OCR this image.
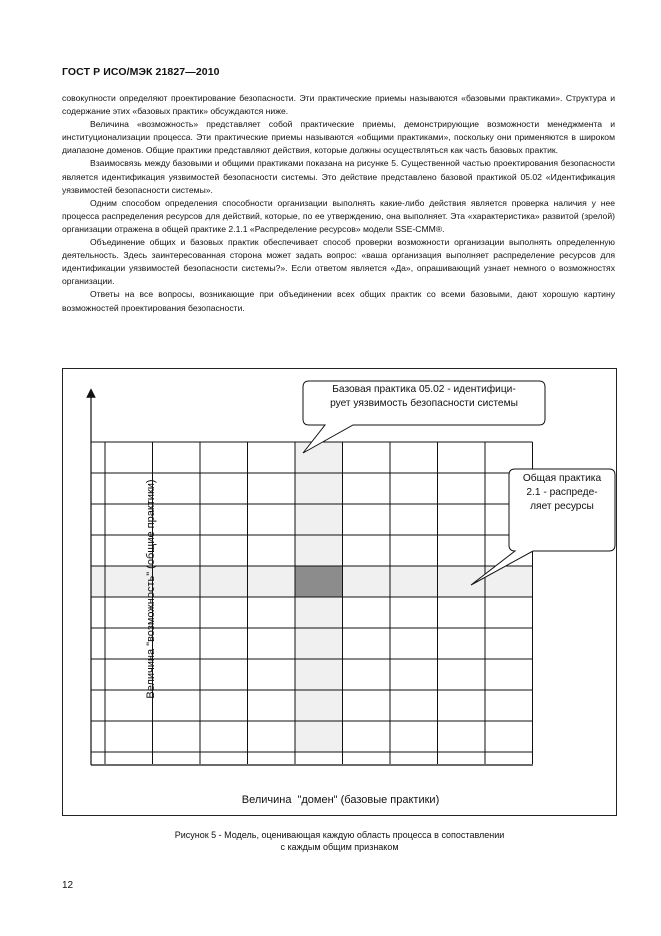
ГОСТ Р ИСО/МЭК 21827—2010

совокупности определяют проектирование безопасности. Эти практические приемы называются «базовыми практиками». Структура и содержание этих «базовых практик» обсуждаются ниже.

Величина «возможность» представляет собой практические приемы, демонстрирующие возможности менеджмента и институционализации процесса. Эти практические приемы называются «общими практиками», поскольку они применяются в широком диапазоне доменов. Общие практики представляют действия, которые должны осуществляться как часть базовых практик.

Взаимосвязь между базовыми и общими практиками показана на рисунке 5. Существенной частью проектирования безопасности является идентификация уязвимостей безопасности системы. Это действие представлено базовой практикой 05.02 «Идентификация уязвимостей безопасности системы».

Одним способом определения способности организации выполнять какие-либо действия является проверка наличия у нее процесса распределения ресурсов для действий, которые, по ее утверждению, она выполняет. Эта «характеристика» развитой (зрелой) организации отражена в общей практике 2.1.1 «Распределение ресурсов» модели SSE-CMM®.

Объединение общих и базовых практик обеспечивает способ проверки возможности организации выполнять определенную деятельность. Здесь заинтересованная сторона может задать вопрос: «ваша организация выполняет распределение ресурсов для идентификации уязвимостей безопасности системы?». Если ответом является «Да», опрашивающий узнает немного о возможностях организации.

Ответы на все вопросы, возникающие при объединении всех общих практик со всеми базовыми, дают хорошую картину возможностей проектирования безопасности.

Базовая практика 05.02 - идентифици-
рует уязвимость безопасности системы
Общая практика
2.1 - распреде-
ляет ресурсы
Величина "возможность" (общие практики)
Величина "домен" (базовые практики)
Рисунок 5 - Модель, оценивающая каждую область процесса в сопоставлении
с каждым общим признаком
12
